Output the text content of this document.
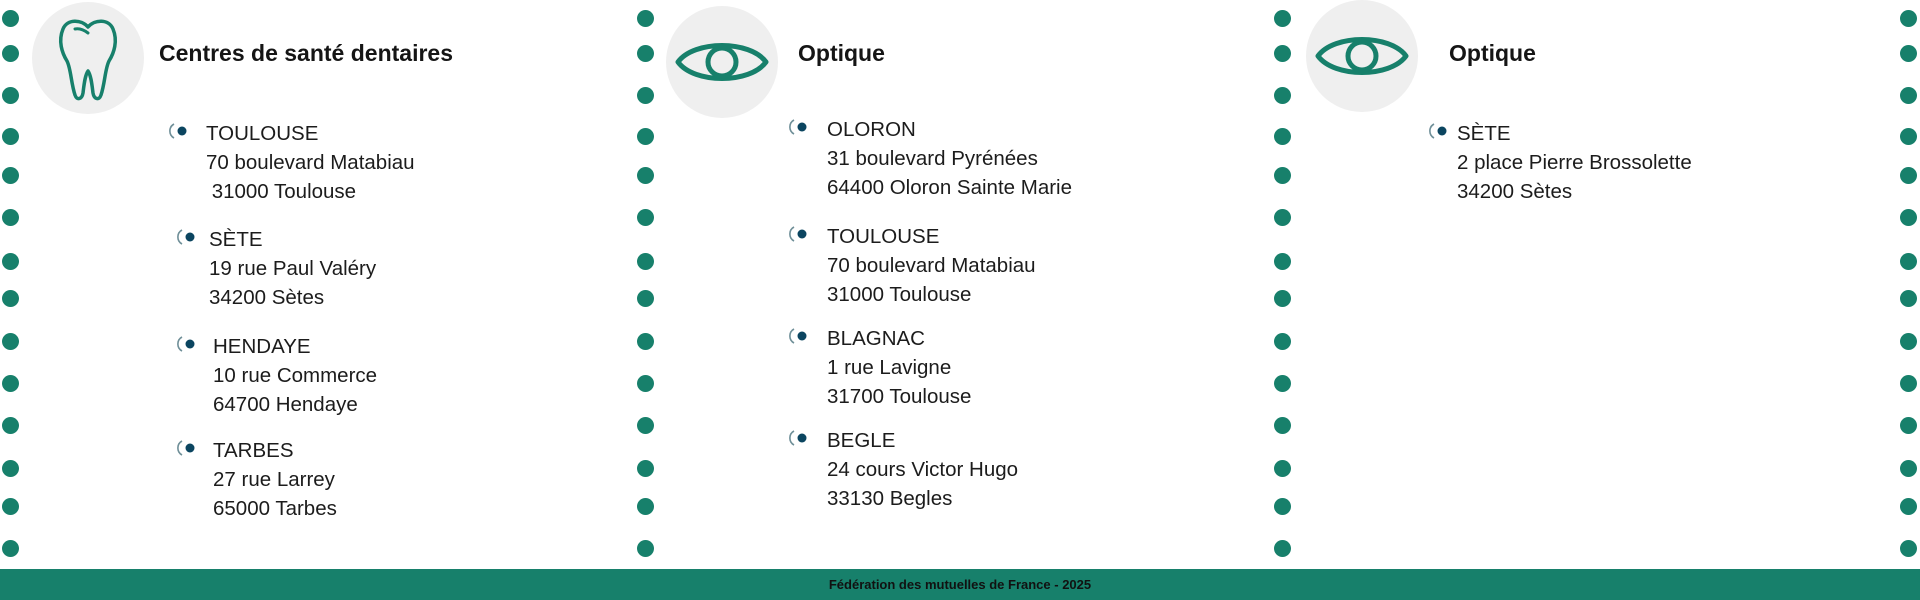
Centres de santé dentaires
TOULOUSE
70 boulevard Matabiau
31000 Toulouse
SÈTE
19 rue Paul Valéry
34200 Sètes
HENDAYE
10 rue Commerce
64700 Hendaye
TARBES
27 rue Larrey
65000 Tarbes
Optique
OLORON
31 boulevard Pyrénées
64400 Oloron Sainte Marie
TOULOUSE
70 boulevard Matabiau
31000 Toulouse
BLAGNAC
1 rue Lavigne
31700 Toulouse
BEGLE
24 cours Victor Hugo
33130 Begles
Optique
SÈTE
2 place Pierre Brossolette
34200 Sètes
Fédération des mutuelles de France - 2025
